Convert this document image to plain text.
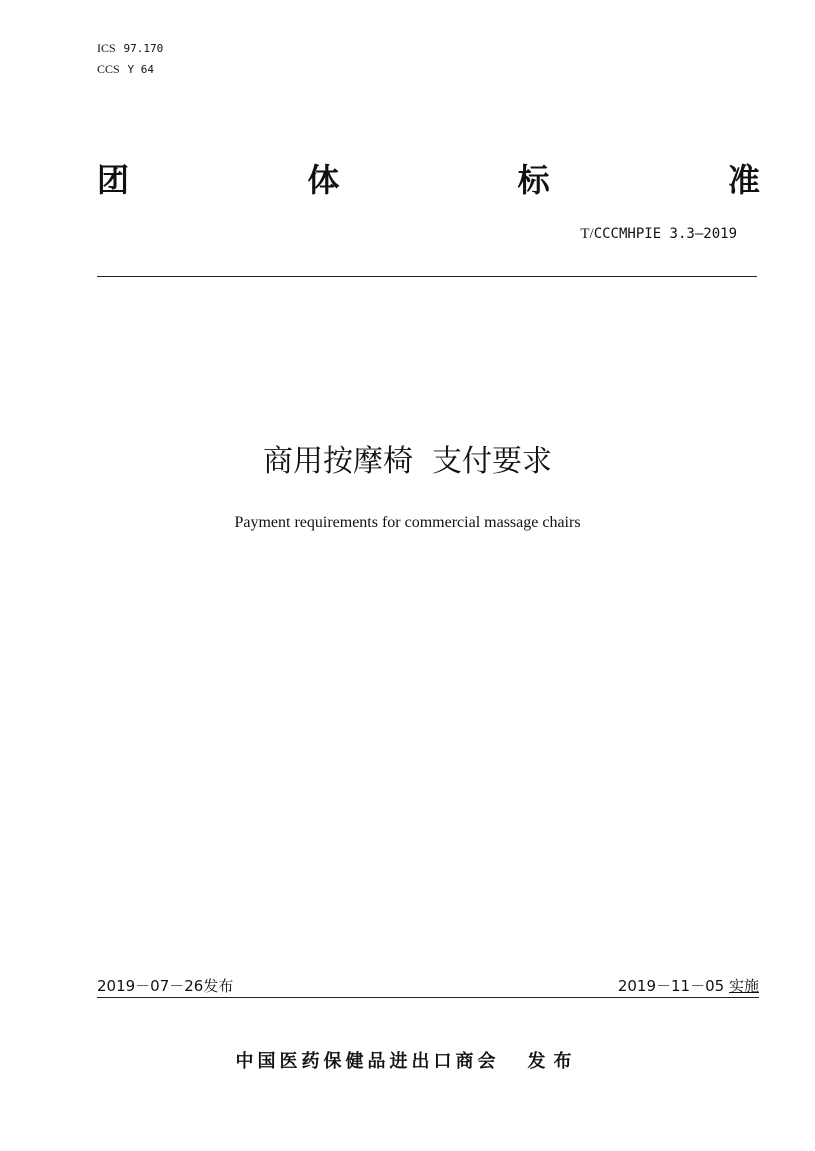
ICS 97.170
CCS Y 64
团	体	标	准
T/CCCMHPIE 3.3—2019
商用按摩椅  支付要求
Payment requirements for commercial massage chairs
2019－07－26发布	2019－11－05 实施
中国医药保健品进出口商会 发布
